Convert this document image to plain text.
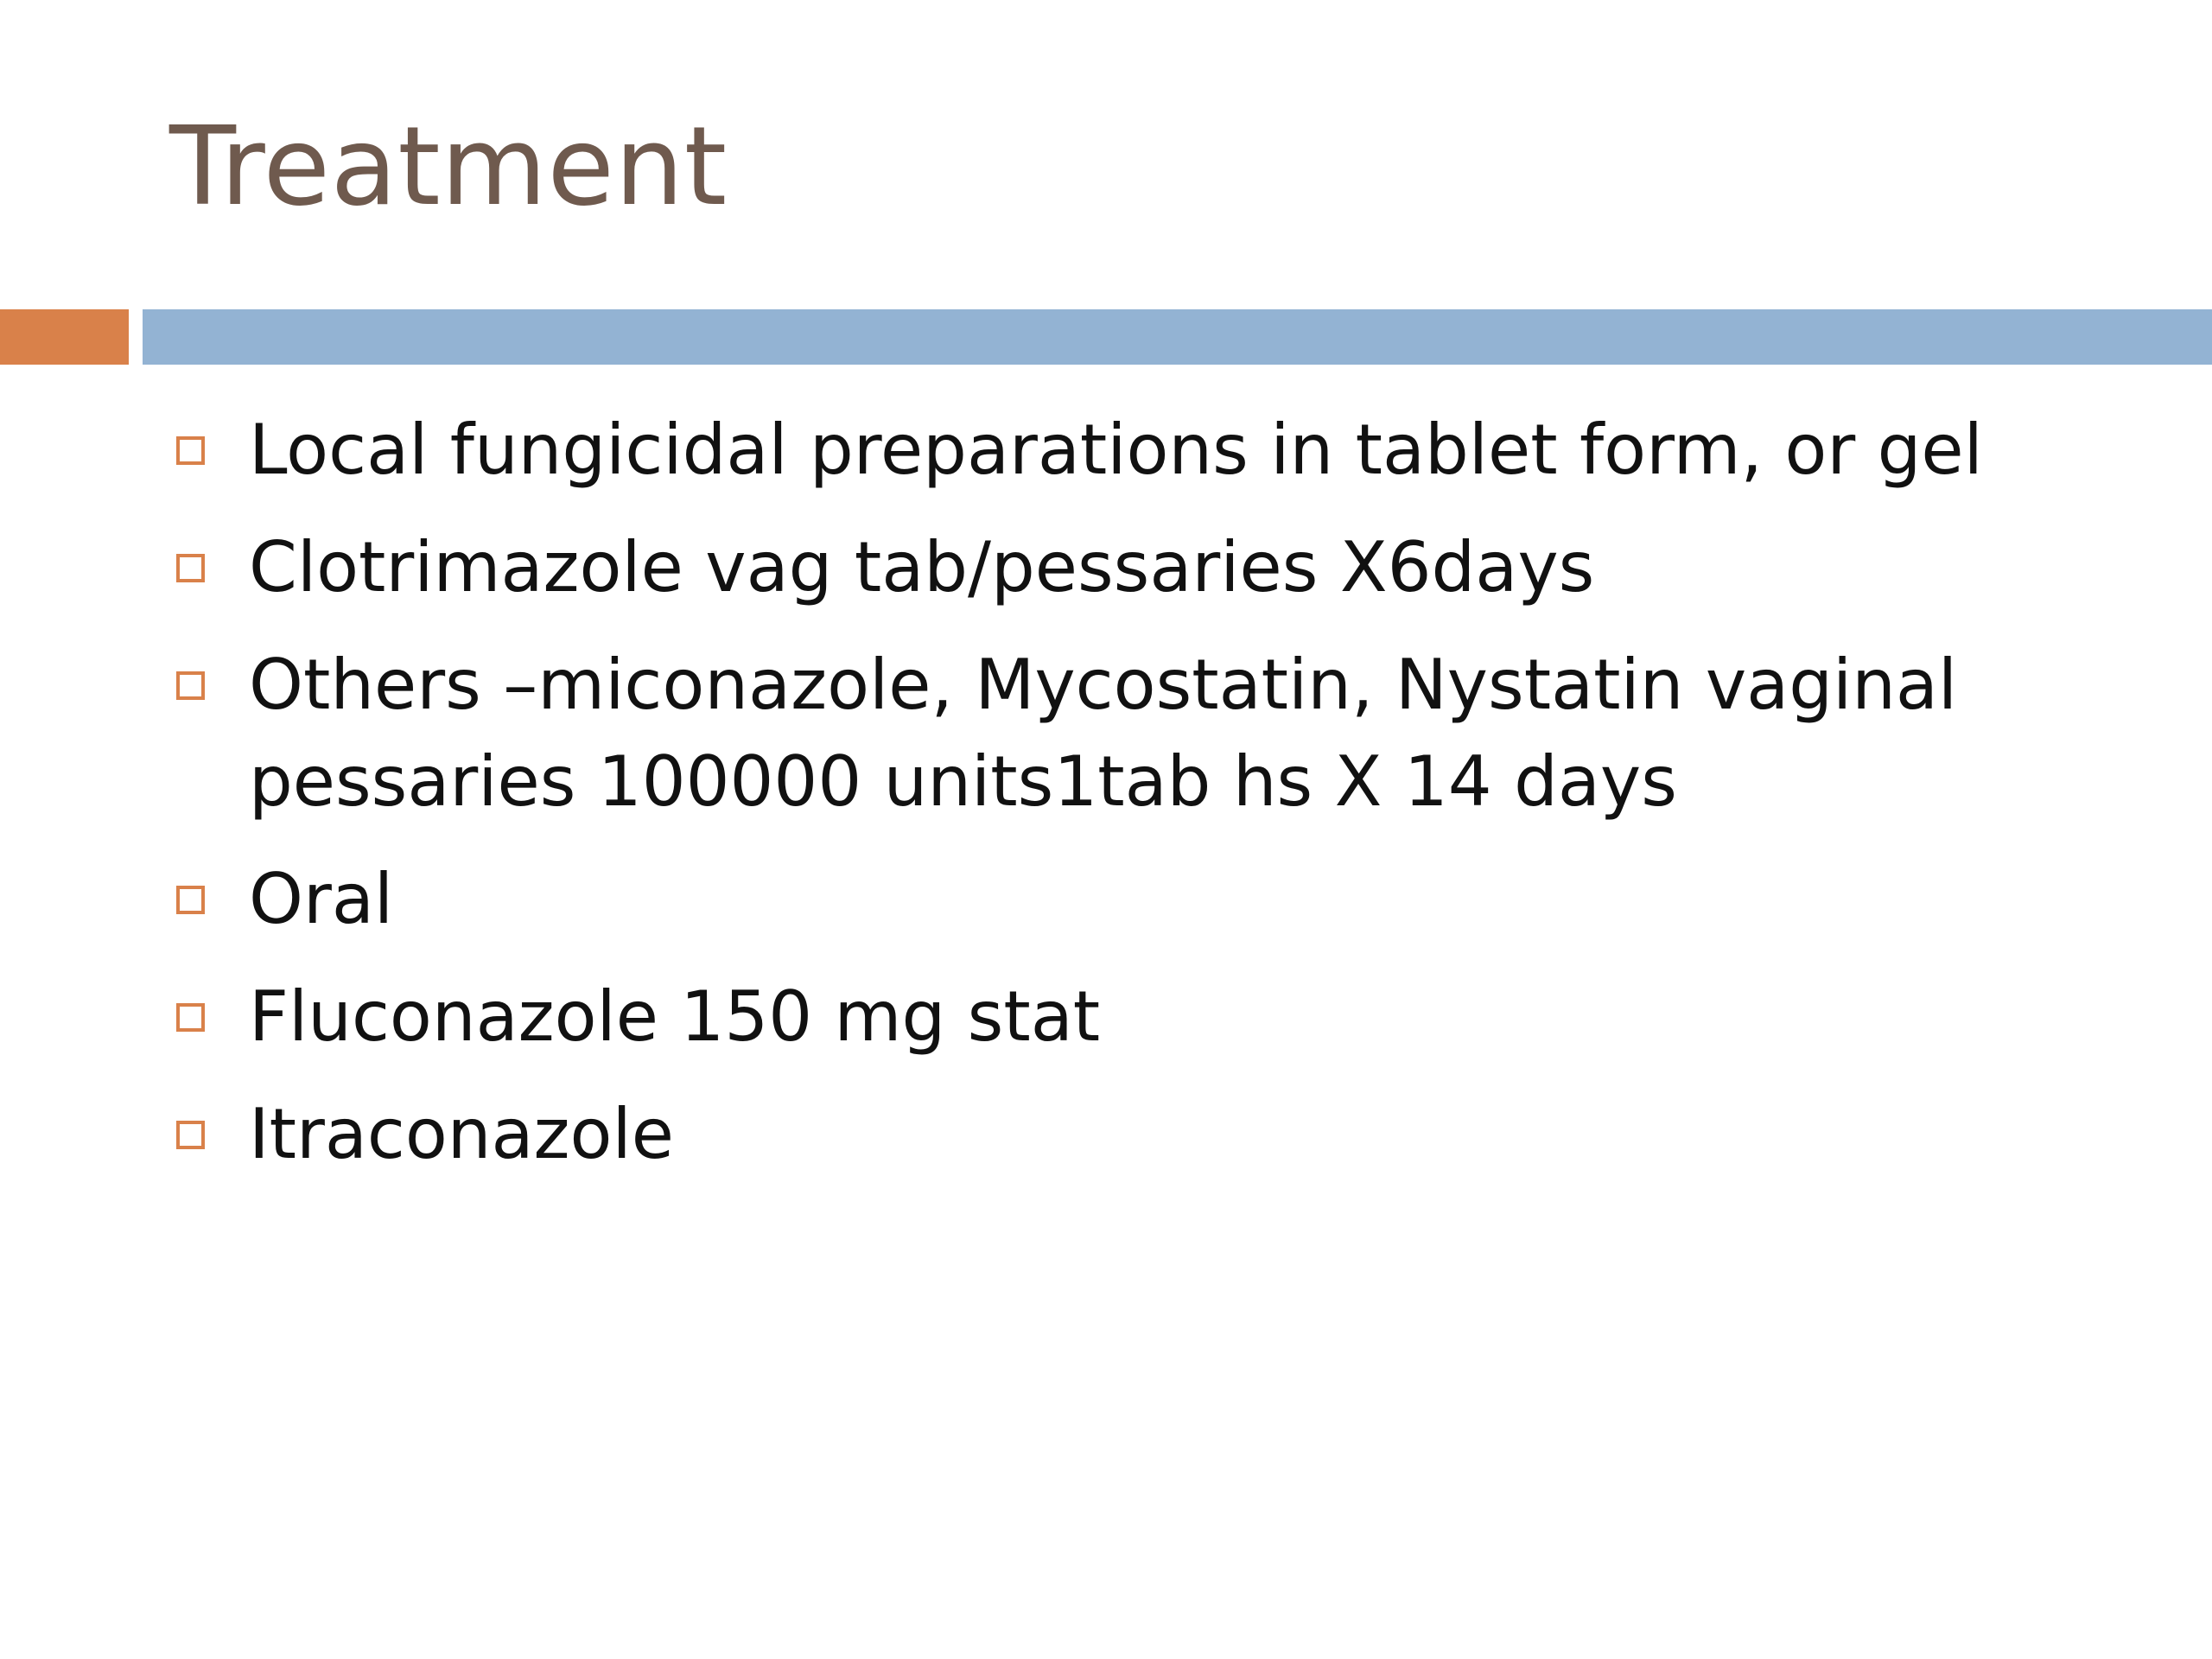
Treatment
Local fungicidal preparations in tablet form, or gel
Clotrimazole vag tab/pessaries X6days
Others –miconazole, Mycostatin, Nystatin vaginal pessaries 100000 units1tab hs X 14 days
Oral
Fluconazole 150 mg stat
Itraconazole
